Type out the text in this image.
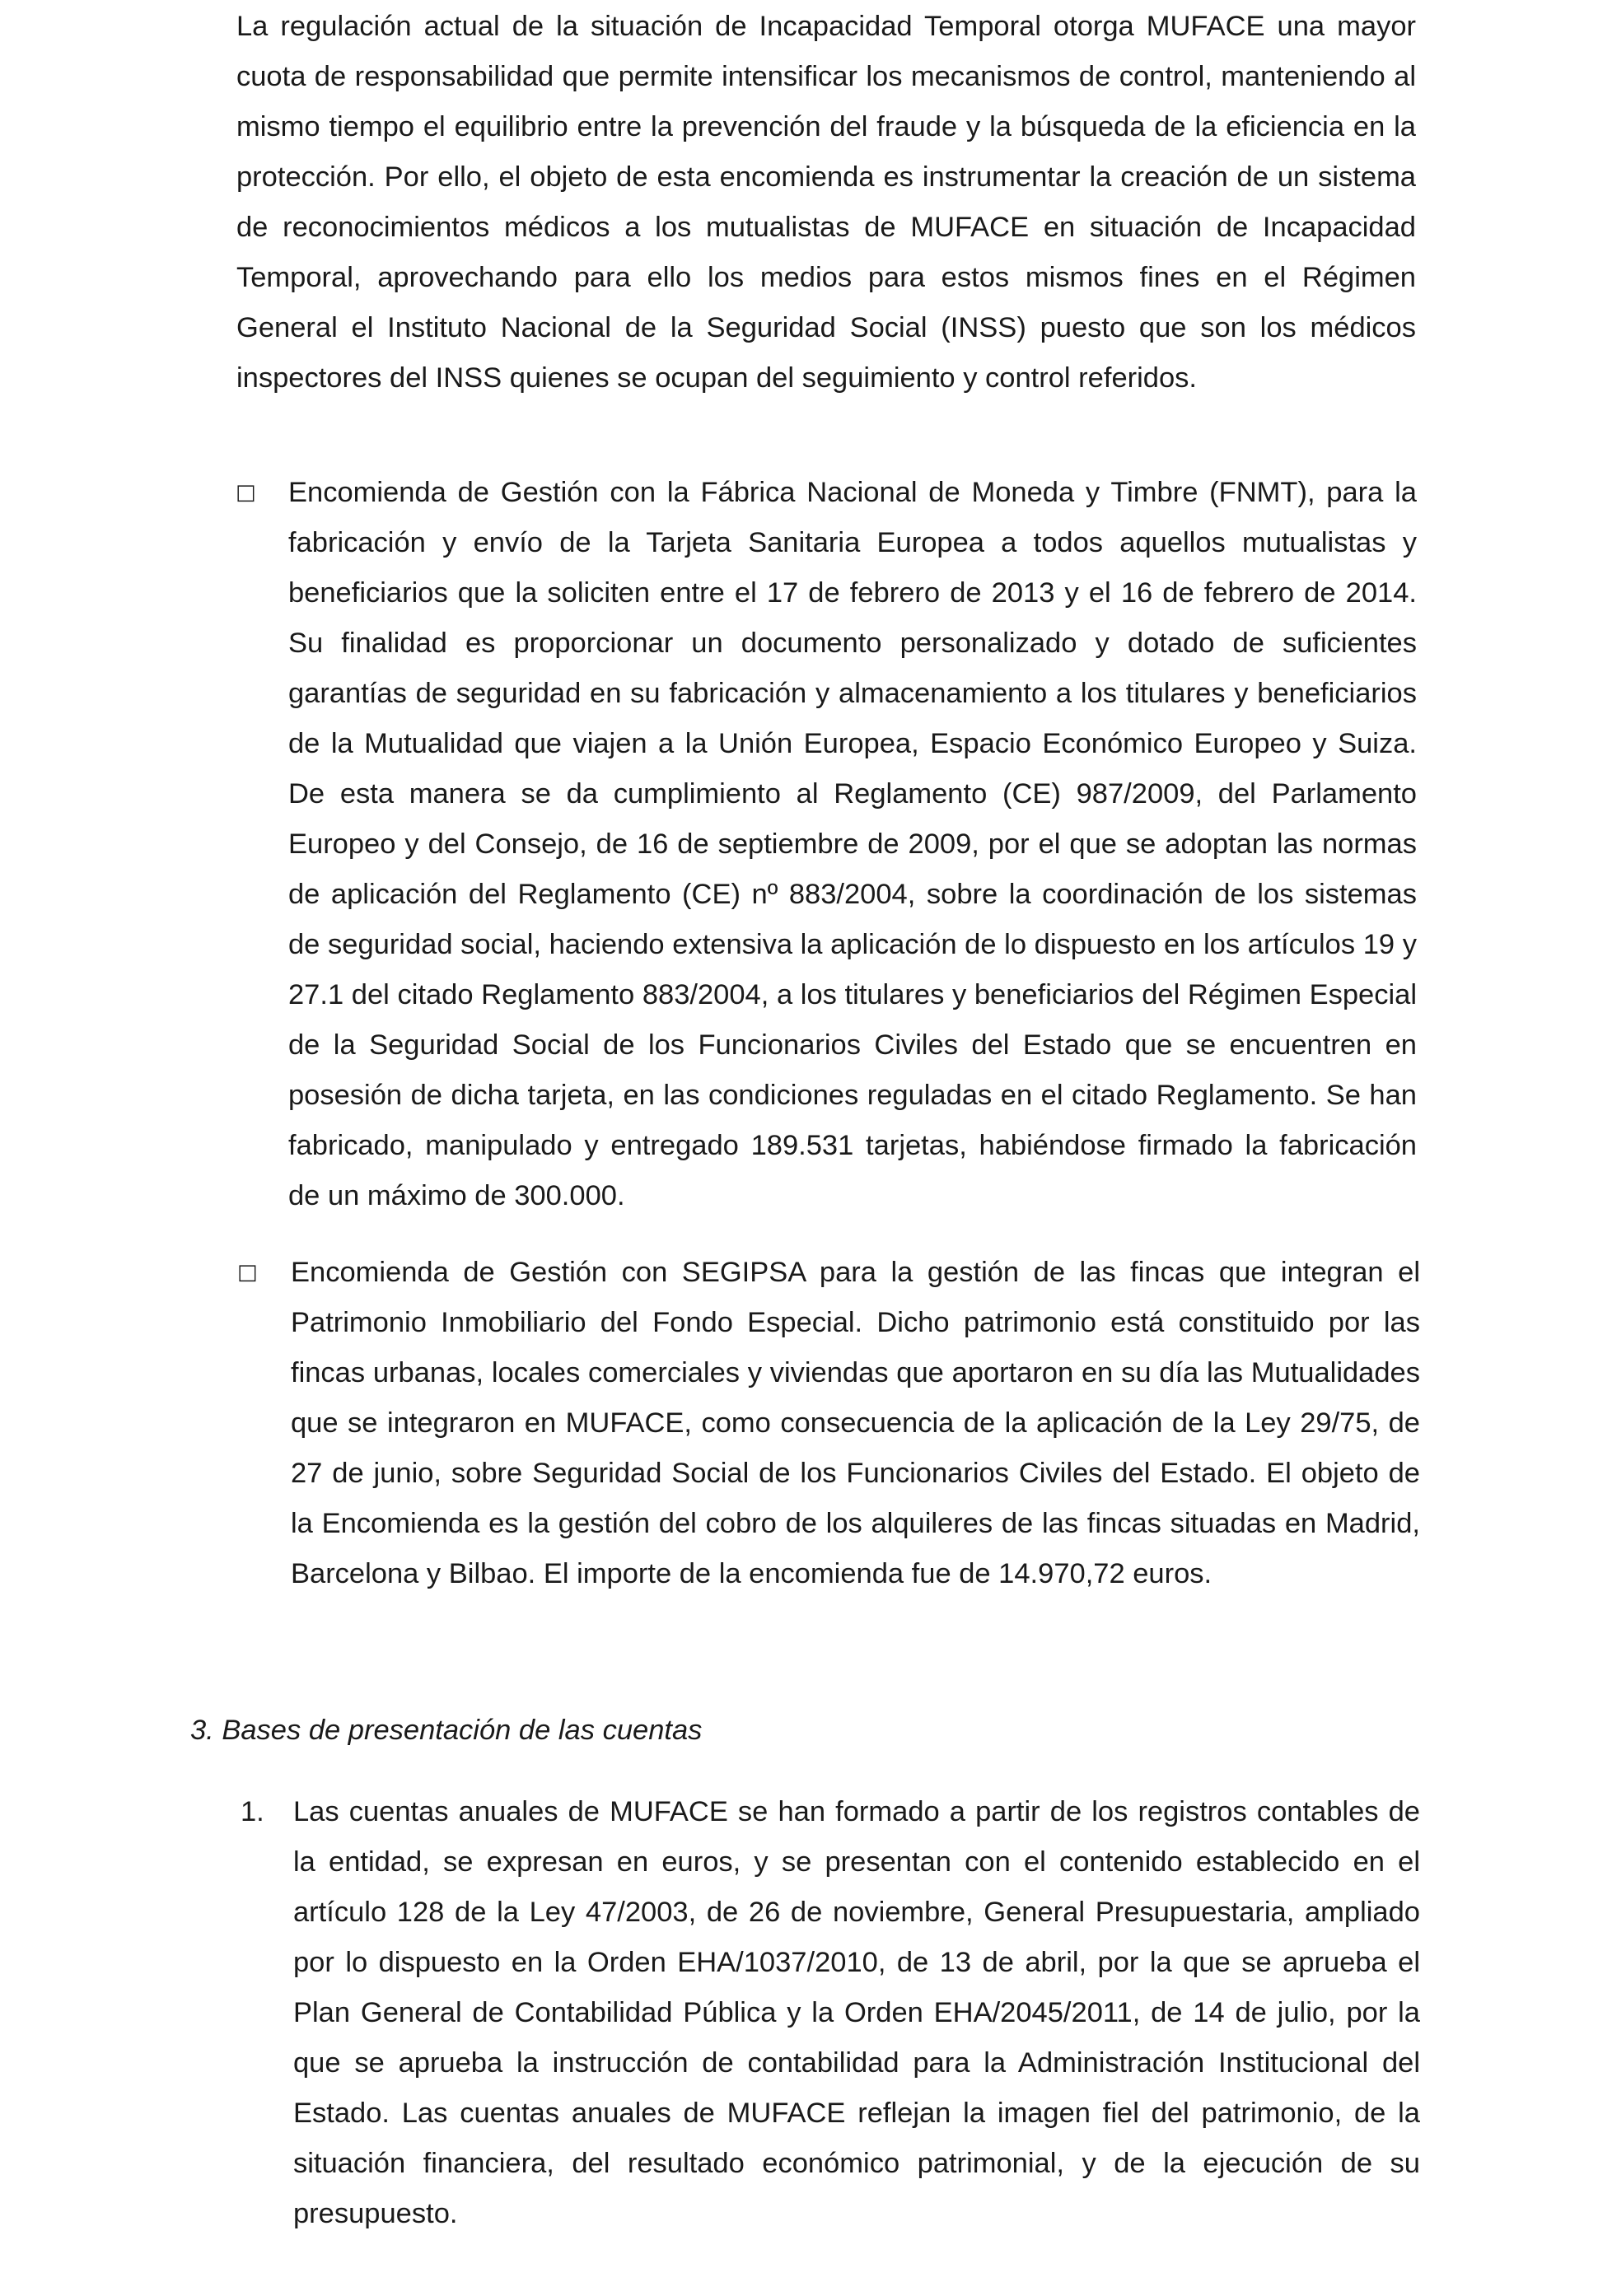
La regulación actual de la situación de Incapacidad Temporal otorga MUFACE una mayor cuota de responsabilidad que permite intensificar los mecanismos de control, manteniendo al mismo tiempo el equilibrio entre la prevención del fraude y la búsqueda de la eficiencia en la protección. Por ello, el objeto de esta encomienda es instrumentar la creación de un sistema de reconocimientos médicos a los mutualistas de MUFACE en situación de Incapacidad Temporal, aprovechando para ello los medios para estos mismos fines en el Régimen General el Instituto Nacional de la Seguridad Social (INSS) puesto que son los médicos inspectores del INSS quienes se ocupan del seguimiento y control referidos.

□ Encomienda de Gestión con la Fábrica Nacional de Moneda y Timbre (FNMT), para la fabricación y envío de la Tarjeta Sanitaria Europea a todos aquellos mutualistas y beneficiarios que la soliciten entre el 17 de febrero de 2013 y el 16 de febrero de 2014. Su finalidad es proporcionar un documento personalizado y dotado de suficientes garantías de seguridad en su fabricación y almacenamiento a los titulares y beneficiarios de la Mutualidad que viajen a la Unión Europea, Espacio Económico Europeo y Suiza. De esta manera se da cumplimiento al Reglamento (CE) 987/2009, del Parlamento Europeo y del Consejo, de 16 de septiembre de 2009, por el que se adoptan las normas de aplicación del Reglamento (CE) nº 883/2004, sobre la coordinación de los sistemas de seguridad social, haciendo extensiva la aplicación de lo dispuesto en los artículos 19 y 27.1 del citado Reglamento 883/2004, a los titulares y beneficiarios del Régimen Especial de la Seguridad Social de los Funcionarios Civiles del Estado que se encuentren en posesión de dicha tarjeta, en las condiciones reguladas en el citado Reglamento. Se han fabricado, manipulado y entregado 189.531 tarjetas, habiéndose firmado la fabricación de un máximo de 300.000.

□ Encomienda de Gestión con SEGIPSA para la gestión de las fincas que integran el Patrimonio Inmobiliario del Fondo Especial. Dicho patrimonio está constituido por las fincas urbanas, locales comerciales y viviendas que aportaron en su día las Mutualidades que se integraron en MUFACE, como consecuencia de la aplicación de la Ley 29/75, de 27 de junio, sobre Seguridad Social de los Funcionarios Civiles del Estado. El objeto de la Encomienda es la gestión del cobro de los alquileres de las fincas situadas en Madrid, Barcelona y Bilbao. El importe de la encomienda fue de 14.970,72 euros.

3. Bases de presentación de las cuentas

1. Las cuentas anuales de MUFACE se han formado a partir de los registros contables de la entidad, se expresan en euros, y se presentan con el contenido establecido en el artículo 128 de la Ley 47/2003, de 26 de noviembre, General Presupuestaria, ampliado por lo dispuesto en la Orden EHA/1037/2010, de 13 de abril, por la que se aprueba el Plan General de Contabilidad Pública y la Orden EHA/2045/2011, de 14 de julio, por la que se aprueba la instrucción de contabilidad para la Administración Institucional del Estado. Las cuentas anuales de MUFACE reflejan la imagen fiel del patrimonio, de la situación financiera, del resultado económico patrimonial, y de la ejecución de su presupuesto.
